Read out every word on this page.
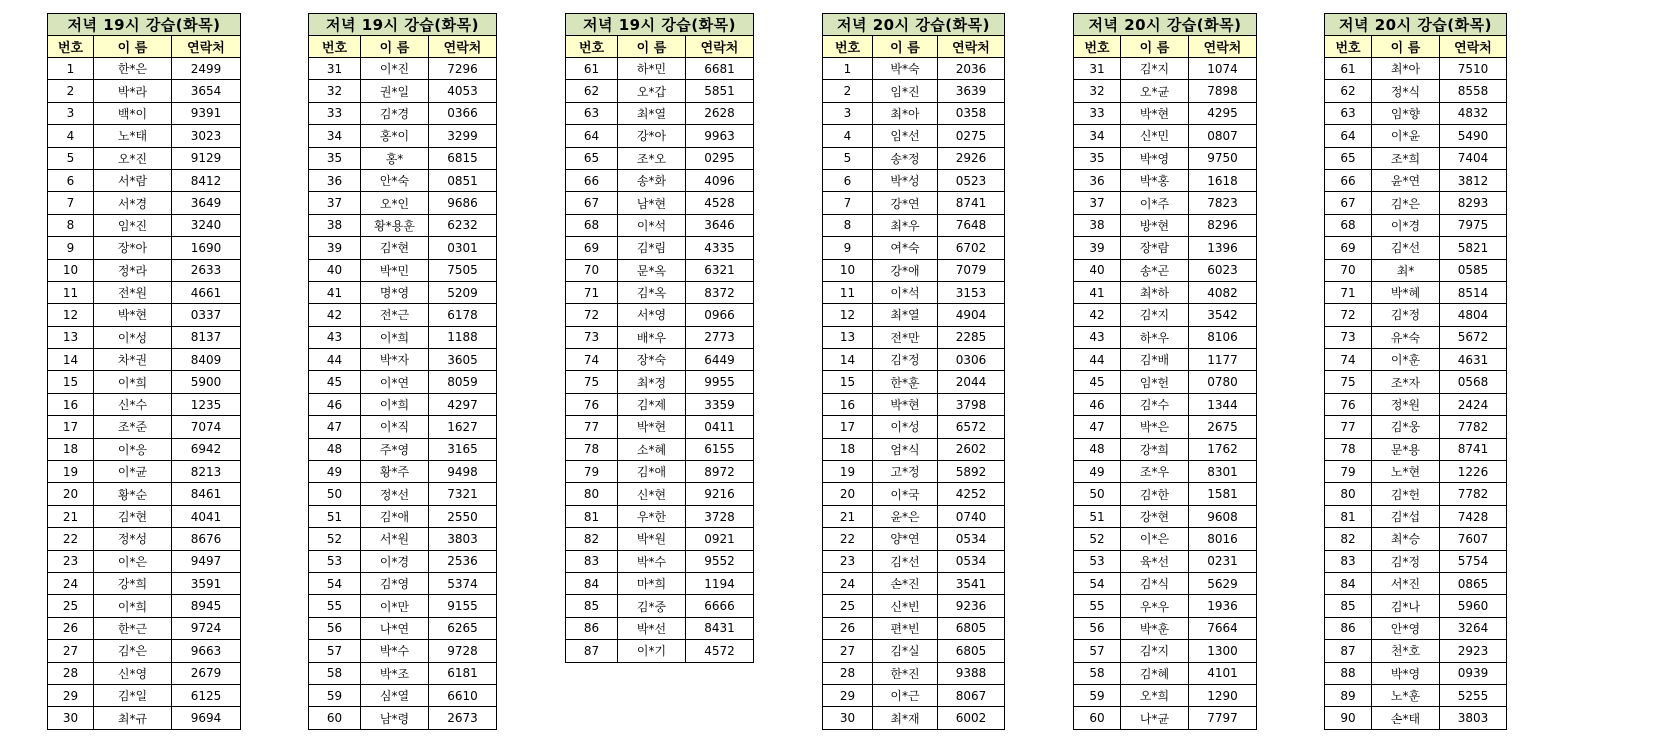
저녁 19시 강습(화목)		
번호	이 름	연락처
1	한*은	2499
2	박*라	3654
3	백*이	9391
4	노*태	3023
5	오*진	9129
6	서*람	8412
7	서*경	3649
8	임*진	3240
9	장*아	1690
10	정*라	2633
11	전*원	4661
12	박*현	0337
13	이*성	8137
14	차*권	8409
15	이*희	5900
16	신*수	1235
17	조*준	7074
18	이*응	6942
19	이*균	8213
20	황*순	8461
21	김*현	4041
22	정*성	8676
23	이*은	9497
24	강*희	3591
25	이*희	8945
26	한*근	9724
27	김*은	9663
28	신*영	2679
29	김*일	6125
30	최*규	9694
저녁 19시 강습(화목)		
번호	이 름	연락처
31	이*진	7296
32	권*일	4053
33	김*경	0366
34	홍*이	3299
35	홍*	6815
36	안*숙	0851
37	오*인	9686
38	황*용훈	6232
39	김*현	0301
40	박*민	7505
41	명*영	5209
42	전*근	6178
43	이*희	1188
44	박*자	3605
45	이*연	8059
46	이*희	4297
47	이*직	1627
48	주*영	3165
49	황*주	9498
50	정*선	7321
51	김*애	2550
52	서*원	3803
53	이*경	2536
54	김*영	5374
55	이*만	9155
56	나*연	6265
57	박*수	9728
58	박*조	6181
59	심*열	6610
60	남*령	2673
저녁 19시 강습(화목)		
번호	이 름	연락처
61	하*민	6681
62	오*갑	5851
63	최*열	2628
64	강*아	9963
65	조*오	0295
66	송*화	4096
67	남*현	4528
68	이*석	3646
69	김*림	4335
70	문*옥	6321
71	김*옥	8372
72	서*영	0966
73	배*우	2773
74	장*숙	6449
75	최*정	9955
76	김*제	3359
77	박*현	0411
78	소*혜	6155
79	김*애	8972
80	신*현	9216
81	우*한	3728
82	박*원	0921
83	박*수	9552
84	마*희	1194
85	김*중	6666
86	박*선	8431
87	이*기	4572
저녁 20시 강습(화목)		
번호	이 름	연락처
1	박*숙	2036
2	임*진	3639
3	최*아	0358
4	임*선	0275
5	송*정	2926
6	박*성	0523
7	강*연	8741
8	최*우	7648
9	여*숙	6702
10	강*애	7079
11	이*석	3153
12	최*열	4904
13	전*만	2285
14	김*정	0306
15	한*훈	2044
16	박*현	3798
17	이*성	6572
18	엄*식	2602
19	고*정	5892
20	이*국	4252
21	윤*은	0740
22	양*연	0534
23	김*선	0534
24	손*진	3541
25	신*빈	9236
26	편*빈	6805
27	김*실	6805
28	한*진	9388
29	이*근	8067
30	최*재	6002
저녁 20시 강습(화목)		
번호	이 름	연락처
31	김*지	1074
32	오*균	7898
33	박*현	4295
34	신*민	0807
35	박*영	9750
36	박*홍	1618
37	이*주	7823
38	방*현	8296
39	장*람	1396
40	송*곤	6023
41	최*하	4082
42	김*지	3542
43	하*우	8106
44	김*배	1177
45	임*헌	0780
46	김*수	1344
47	박*은	2675
48	강*희	1762
49	조*우	8301
50	김*한	1581
51	강*현	9608
52	이*은	8016
53	육*선	0231
54	김*식	5629
55	우*우	1936
56	박*훈	7664
57	김*지	1300
58	김*혜	4101
59	오*희	1290
60	나*균	7797
저녁 20시 강습(화목)		
번호	이 름	연락처
61	최*아	7510
62	정*식	8558
63	임*향	4832
64	이*윤	5490
65	조*희	7404
66	윤*연	3812
67	김*은	8293
68	이*경	7975
69	김*선	5821
70	최*	0585
71	박*혜	8514
72	김*정	4804
73	유*숙	5672
74	이*훈	4631
75	조*자	0568
76	정*원	2424
77	김*웅	7782
78	문*용	8741
79	노*현	1226
80	김*헌	7782
81	김*섭	7428
82	최*승	7607
83	김*정	5754
84	서*진	0865
85	김*나	5960
86	안*영	3264
87	천*호	2923
88	박*영	0939
89	노*훈	5255
90	손*태	3803
